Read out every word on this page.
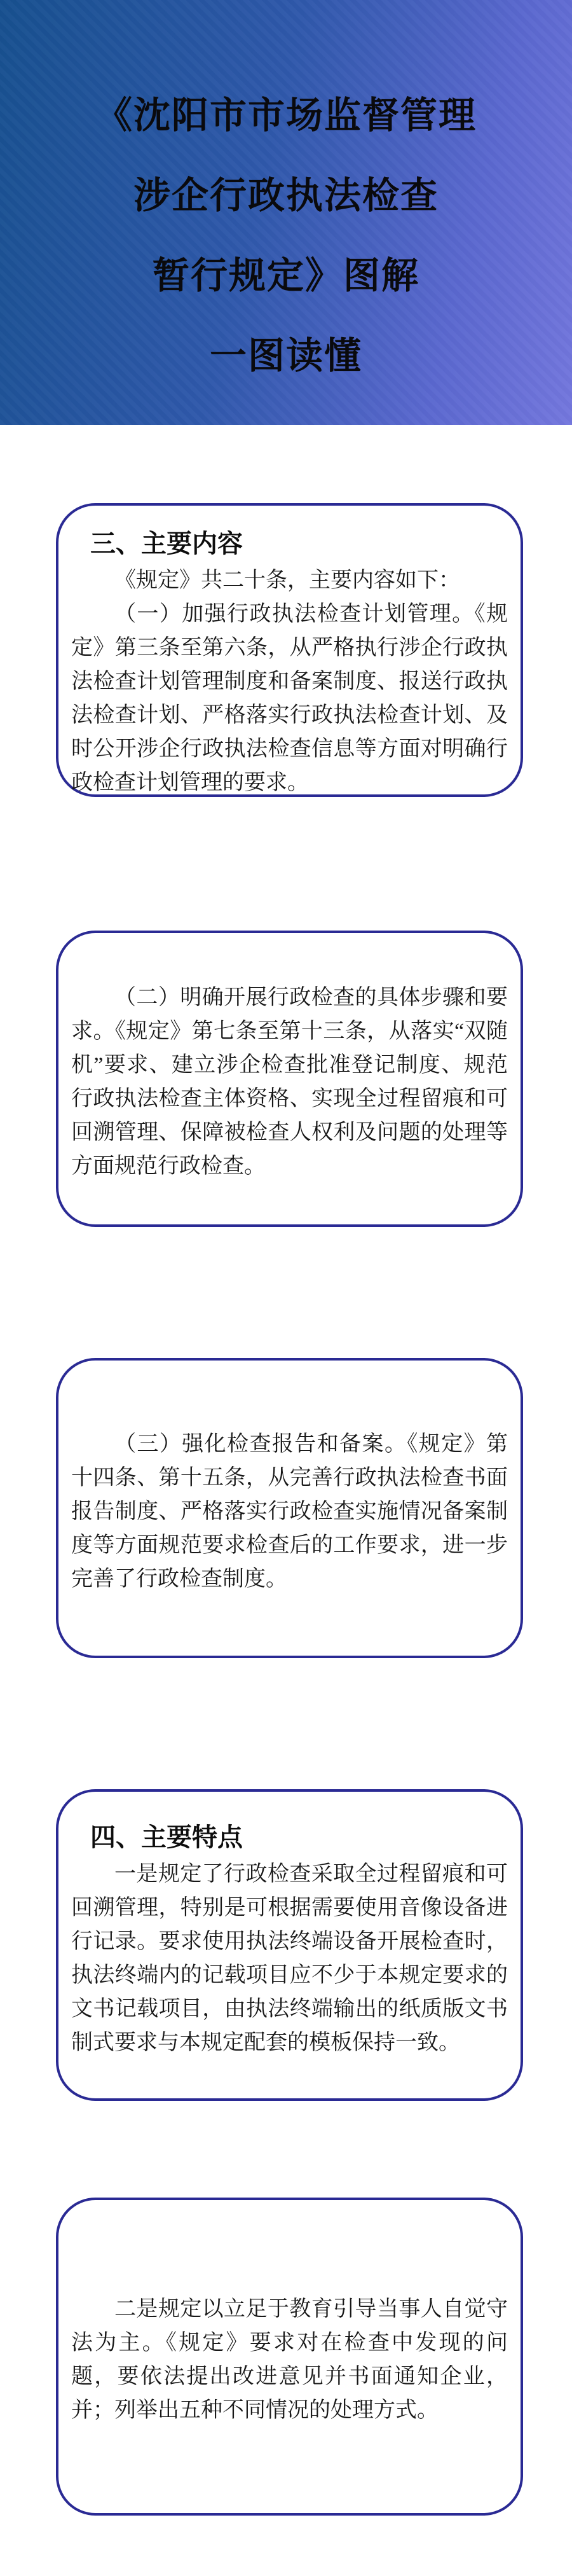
《沈阳市市场监督管理
涉企行政执法检查
暂行规定》图解
一图读懂
三、主要内容

《规定》共二十条，主要内容如下：

（一）加强行政执法检查计划管理。《规定》第三条至第六条，从严格执行涉企行政执法检查计划管理制度和备案制度、报送行政执法检查计划、严格落实行政执法检查计划、及时公开涉企行政执法检查信息等方面对明确行政检查计划管理的要求。

（二）明确开展行政检查的具体步骤和要求。《规定》第七条至第十三条，从落实“双随机”要求、建立涉企检查批准登记制度、规范行政执法检查主体资格、实现全过程留痕和可回溯管理、保障被检查人权利及问题的处理等方面规范行政检查。

（三）强化检查报告和备案。《规定》第十四条、第十五条，从完善行政执法检查书面报告制度、严格落实行政检查实施情况备案制度等方面规范要求检查后的工作要求，进一步完善了行政检查制度。

四、主要特点

一是规定了行政检查采取全过程留痕和可回溯管理，特别是可根据需要使用音像设备进行记录。要求使用执法终端设备开展检查时，执法终端内的记载项目应不少于本规定要求的文书记载项目，由执法终端输出的纸质版文书制式要求与本规定配套的模板保持一致。

二是规定以立足于教育引导当事人自觉守法为主。《规定》要求对在检查中发现的问题，要依法提出改进意见并书面通知企业，并；列举出五种不同情况的处理方式。
